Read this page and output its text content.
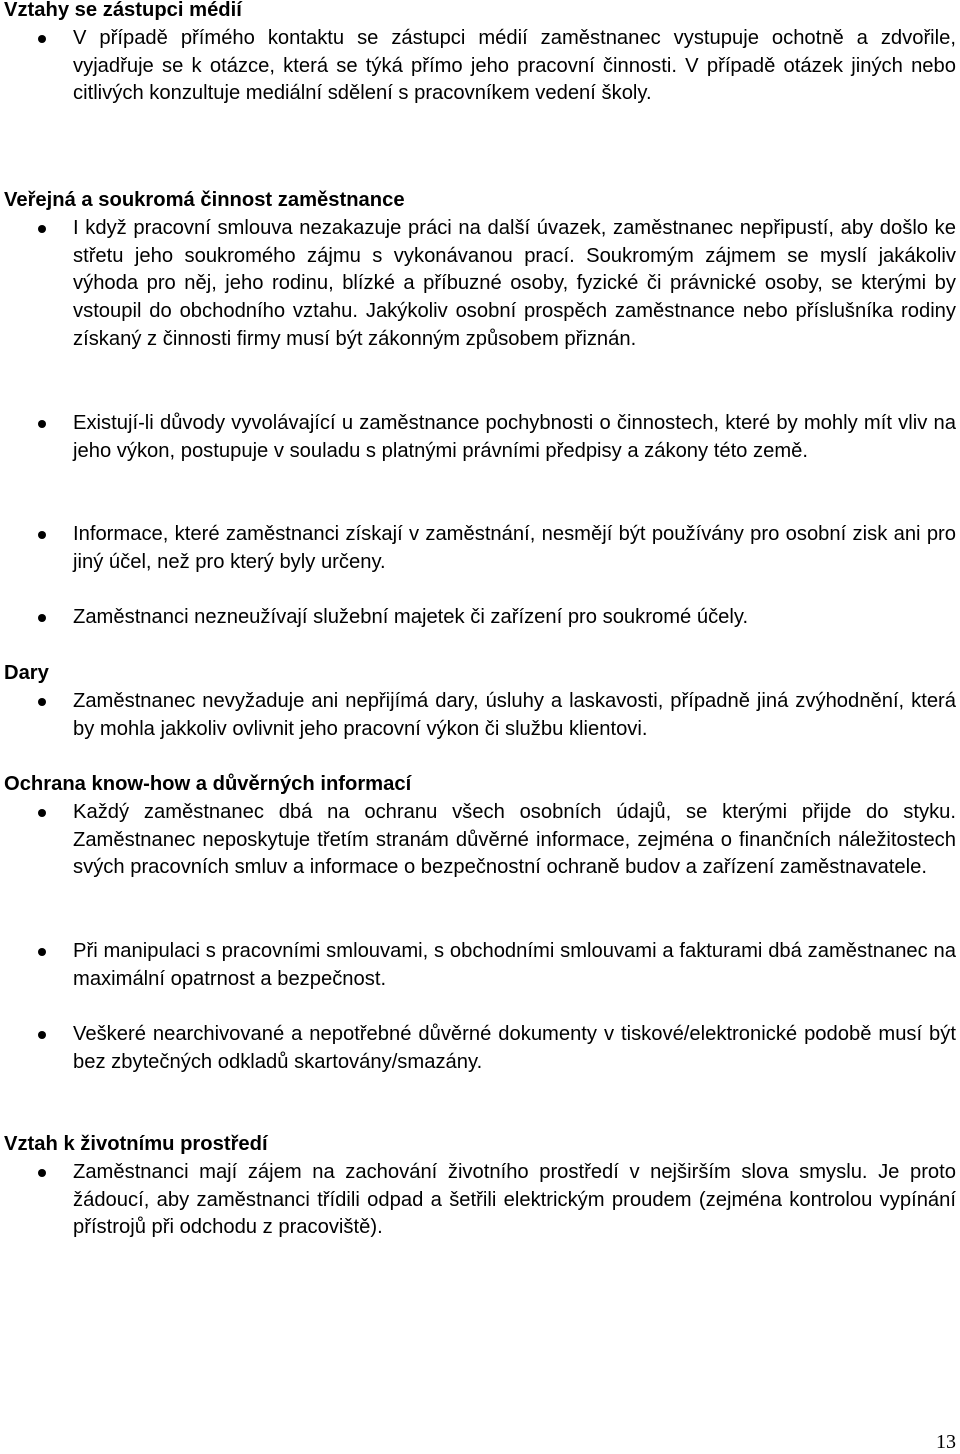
Vztahy se zástupci médií

V případě přímého kontaktu se zástupci médií zaměstnanec vystupuje ochotně a zdvořile, vyjadřuje se k otázce, která se týká přímo jeho pracovní činnosti. V případě otázek jiných nebo citlivých konzultuje mediální sdělení s pracovníkem vedení školy.

Veřejná a soukromá činnost zaměstnance

I když pracovní smlouva nezakazuje práci na další úvazek, zaměstnanec nepřipustí, aby došlo ke střetu jeho soukromého zájmu s vykonávanou prací. Soukromým zájmem se myslí jakákoliv výhoda pro něj, jeho rodinu, blízké a příbuzné osoby, fyzické či právnické osoby, se kterými by vstoupil do obchodního vztahu. Jakýkoliv osobní prospěch zaměstnance nebo příslušníka rodiny získaný z činnosti firmy musí být zákonným způsobem přiznán.

Existují-li důvody vyvolávající u zaměstnance pochybnosti o činnostech, které by mohly mít vliv na jeho výkon, postupuje v souladu s platnými právními předpisy a zákony této země.

Informace, které zaměstnanci získají v zaměstnání, nesmějí být používány pro osobní zisk ani pro jiný účel, než pro který byly určeny.

Zaměstnanci nezneužívají služební majetek či zařízení pro soukromé účely.

Dary

Zaměstnanec nevyžaduje ani nepřijímá dary, úsluhy a laskavosti, případně jiná zvýhodnění, která by mohla jakkoliv ovlivnit jeho pracovní výkon či službu klientovi.

Ochrana know-how a důvěrných informací

Každý zaměstnanec dbá na ochranu všech osobních údajů, se kterými přijde do styku. Zaměstnanec neposkytuje třetím stranám důvěrné informace, zejména o finančních náležitostech svých pracovních smluv a informace o bezpečnostní ochraně budov a zařízení zaměstnavatele.

Při manipulaci s pracovními smlouvami, s obchodními smlouvami a fakturami dbá zaměstnanec na maximální opatrnost a bezpečnost.

Veškeré nearchivované a nepotřebné důvěrné dokumenty v tiskové/elektronické podobě musí být bez zbytečných odkladů skartovány/smazány.

Vztah k životnímu prostředí

Zaměstnanci mají zájem na zachování životního prostředí v nejširším slova smyslu. Je proto žádoucí, aby zaměstnanci třídili odpad a šetřili elektrickým proudem (zejména kontrolou vypínání přístrojů při odchodu z pracoviště).

13
